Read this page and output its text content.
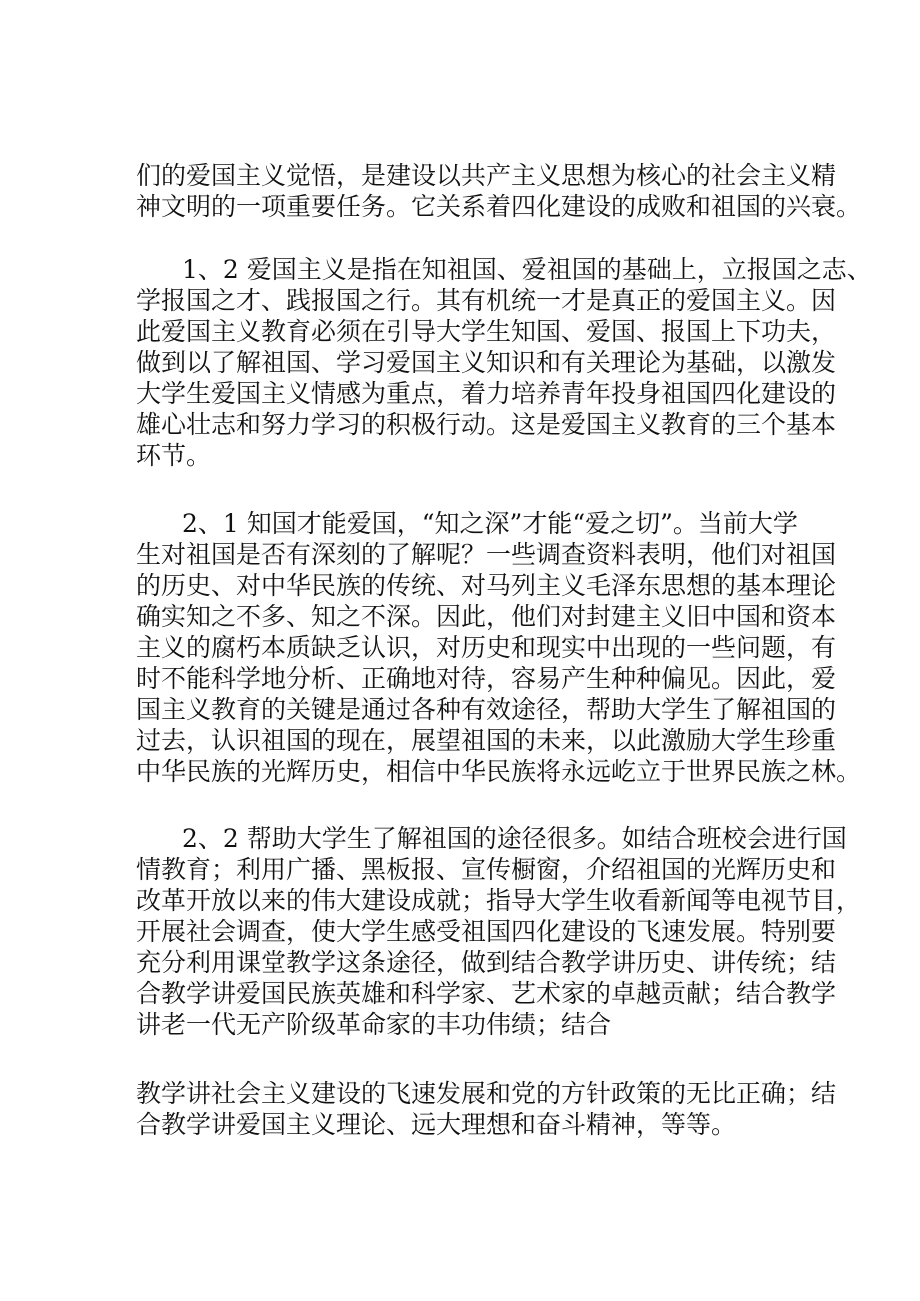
们的爱国主义觉悟，是建设以共产主义思想为核心的社会主义精
神文明的一项重要任务。它关系着四化建设的成败和祖国的兴衰。

1、2 爱国主义是指在知祖国、爱祖国的基础上，立报国之志、
学报国之才、践报国之行。其有机统一才是真正的爱国主义。因
此爱国主义教育必须在引导大学生知国、爱国、报国上下功夫，
做到以了解祖国、学习爱国主义知识和有关理论为基础，以激发
大学生爱国主义情感为重点，着力培养青年投身祖国四化建设的
雄心壮志和努力学习的积极行动。这是爱国主义教育的三个基本
环节。

2、1 知国才能爱国，“知之深”才能“爱之切”。当前大学
生对祖国是否有深刻的了解呢？一些调查资料表明，他们对祖国
的历史、对中华民族的传统、对马列主义毛泽东思想的基本理论
确实知之不多、知之不深。因此，他们对封建主义旧中国和资本
主义的腐朽本质缺乏认识，对历史和现实中出现的一些问题，有
时不能科学地分析、正确地对待，容易产生种种偏见。因此，爱
国主义教育的关键是通过各种有效途径，帮助大学生了解祖国的
过去，认识祖国的现在，展望祖国的未来，以此激励大学生珍重
中华民族的光辉历史，相信中华民族将永远屹立于世界民族之林。

2、2 帮助大学生了解祖国的途径很多。如结合班校会进行国
情教育；利用广播、黑板报、宣传橱窗，介绍祖国的光辉历史和
改革开放以来的伟大建设成就；指导大学生收看新闻等电视节目，
开展社会调查，使大学生感受祖国四化建设的飞速发展。特别要
充分利用课堂教学这条途径，做到结合教学讲历史、讲传统；结
合教学讲爱国民族英雄和科学家、艺术家的卓越贡献；结合教学
讲老一代无产阶级革命家的丰功伟绩；结合

教学讲社会主义建设的飞速发展和党的方针政策的无比正确；结
合教学讲爱国主义理论、远大理想和奋斗精神，等等。
